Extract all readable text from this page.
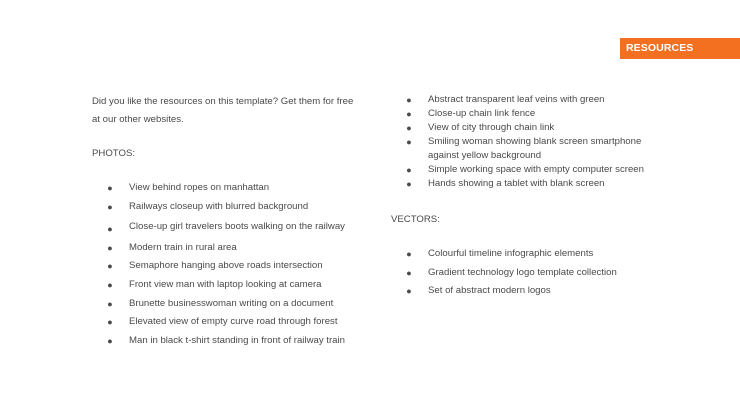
RESOURCES

Did you like the resources on this template? Get them for free at our other websites.

PHOTOS:

● View behind ropes on manhattan
● Railways closeup with blurred background
● Close-up girl travelers boots walking on the railway
● Modern train in rural area
● Semaphore hanging above roads intersection
● Front view man with laptop looking at camera
● Brunette businesswoman writing on a document
● Elevated view of empty curve road through forest
● Man in black t-shirt standing in front of railway train
● Abstract transparent leaf veins with green
● Close-up chain link fence
● View of city through chain link
● Smiling woman showing blank screen smartphone against yellow background
● Simple working space with empty computer screen
● Hands showing a tablet with blank screen

VECTORS:

● Colourful timeline infographic elements
● Gradient technology logo template collection
● Set of abstract modern logos
